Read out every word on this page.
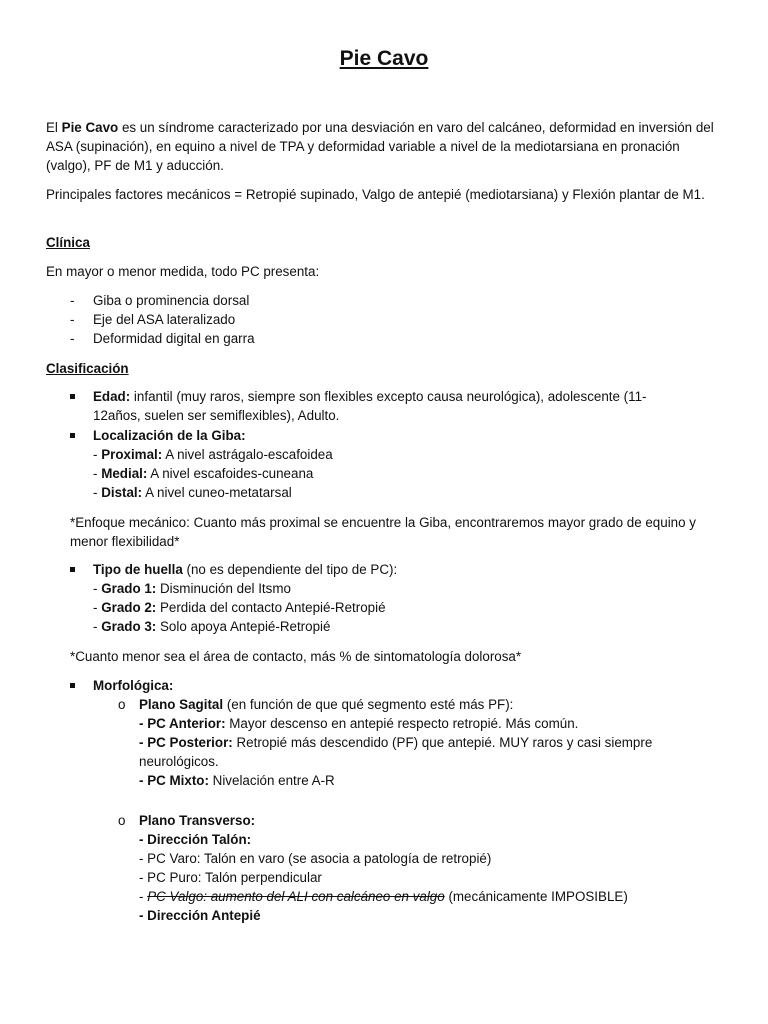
Pie Cavo

El Pie Cavo es un síndrome caracterizado por una desviación en varo del calcáneo, deformidad en inversión del ASA (supinación), en equino a nivel de TPA y deformidad variable a nivel de la mediotarsiana en pronación (valgo), PF de M1 y aducción.

Principales factores mecánicos = Retropié supinado, Valgo de antepié (mediotarsiana) y Flexión plantar de M1.

Clínica

En mayor o menor medida, todo PC presenta:

- Giba o prominencia dorsal
- Eje del ASA lateralizado
- Deformidad digital en garra

Clasificación

Edad: infantil (muy raros, siempre son flexibles excepto causa neurológica), adolescente (11-12años, suelen ser semiflexibles), Adulto.
Localización de la Giba:
- Proximal: A nivel astrágalo-escafoidea
- Medial: A nivel escafoides-cuneana
- Distal: A nivel cuneo-metatarsal

*Enfoque mecánico: Cuanto más proximal se encuentre la Giba, encontraremos mayor grado de equino y menor flexibilidad*

Tipo de huella (no es dependiente del tipo de PC):
- Grado 1: Disminución del Itsmo
- Grado 2: Perdida del contacto Antepié-Retropié
- Grado 3: Solo apoya Antepié-Retropié

*Cuanto menor sea el área de contacto, más % de sintomatología dolorosa*

Morfológica:
o Plano Sagital (en función de que qué segmento esté más PF):
- PC Anterior: Mayor descenso en antepié respecto retropié. Más común.
- PC Posterior: Retropié más descendido (PF) que antepié. MUY raros y casi siempre neurológicos.
- PC Mixto: Nivelación entre A-R
o Plano Transverso:
- Dirección Talón:
- PC Varo: Talón en varo (se asocia a patología de retropié)
- PC Puro: Talón perpendicular
- PC Valgo: aumento del ALI con calcáneo en valgo (mecánicamente IMPOSIBLE)
- Dirección Antepié
